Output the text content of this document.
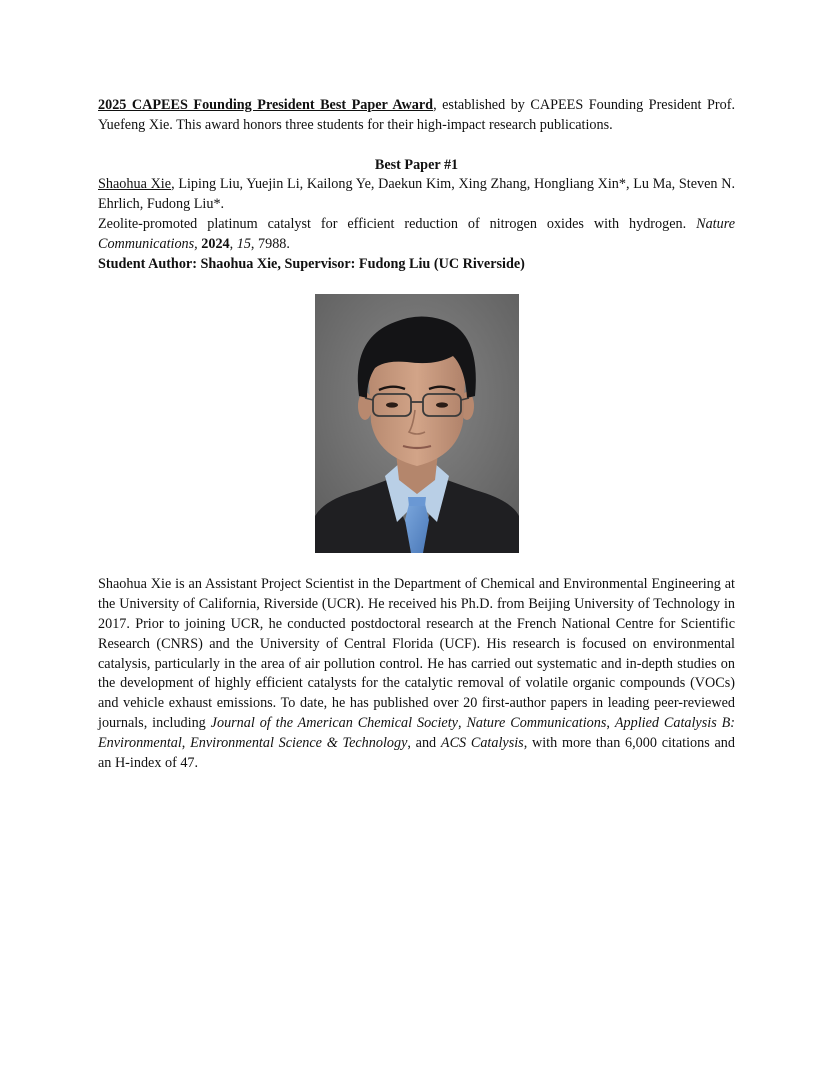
2025 CAPEES Founding President Best Paper Award, established by CAPEES Founding President Prof. Yuefeng Xie. This award honors three students for their high-impact research publications.

Best Paper #1

Shaohua Xie, Liping Liu, Yuejin Li, Kailong Ye, Daekun Kim, Xing Zhang, Hongliang Xin*, Lu Ma, Steven N. Ehrlich, Fudong Liu*.

Zeolite-promoted platinum catalyst for efficient reduction of nitrogen oxides with hydrogen. Nature Communications, 2024, 15, 7988.

Student Author: Shaohua Xie, Supervisor: Fudong Liu (UC Riverside)

Shaohua Xie is an Assistant Project Scientist in the Department of Chemical and Environmental Engineering at the University of California, Riverside (UCR). He received his Ph.D. from Beijing University of Technology in 2017. Prior to joining UCR, he conducted postdoctoral research at the French National Centre for Scientific Research (CNRS) and the University of Central Florida (UCF). His research is focused on environmental catalysis, particularly in the area of air pollution control. He has carried out systematic and in-depth studies on the development of highly efficient catalysts for the catalytic removal of volatile organic compounds (VOCs) and vehicle exhaust emissions. To date, he has published over 20 first-author papers in leading peer-reviewed journals, including Journal of the American Chemical Society, Nature Communications, Applied Catalysis B: Environmental, Environmental Science & Technology, and ACS Catalysis, with more than 6,000 citations and an H-index of 47.
